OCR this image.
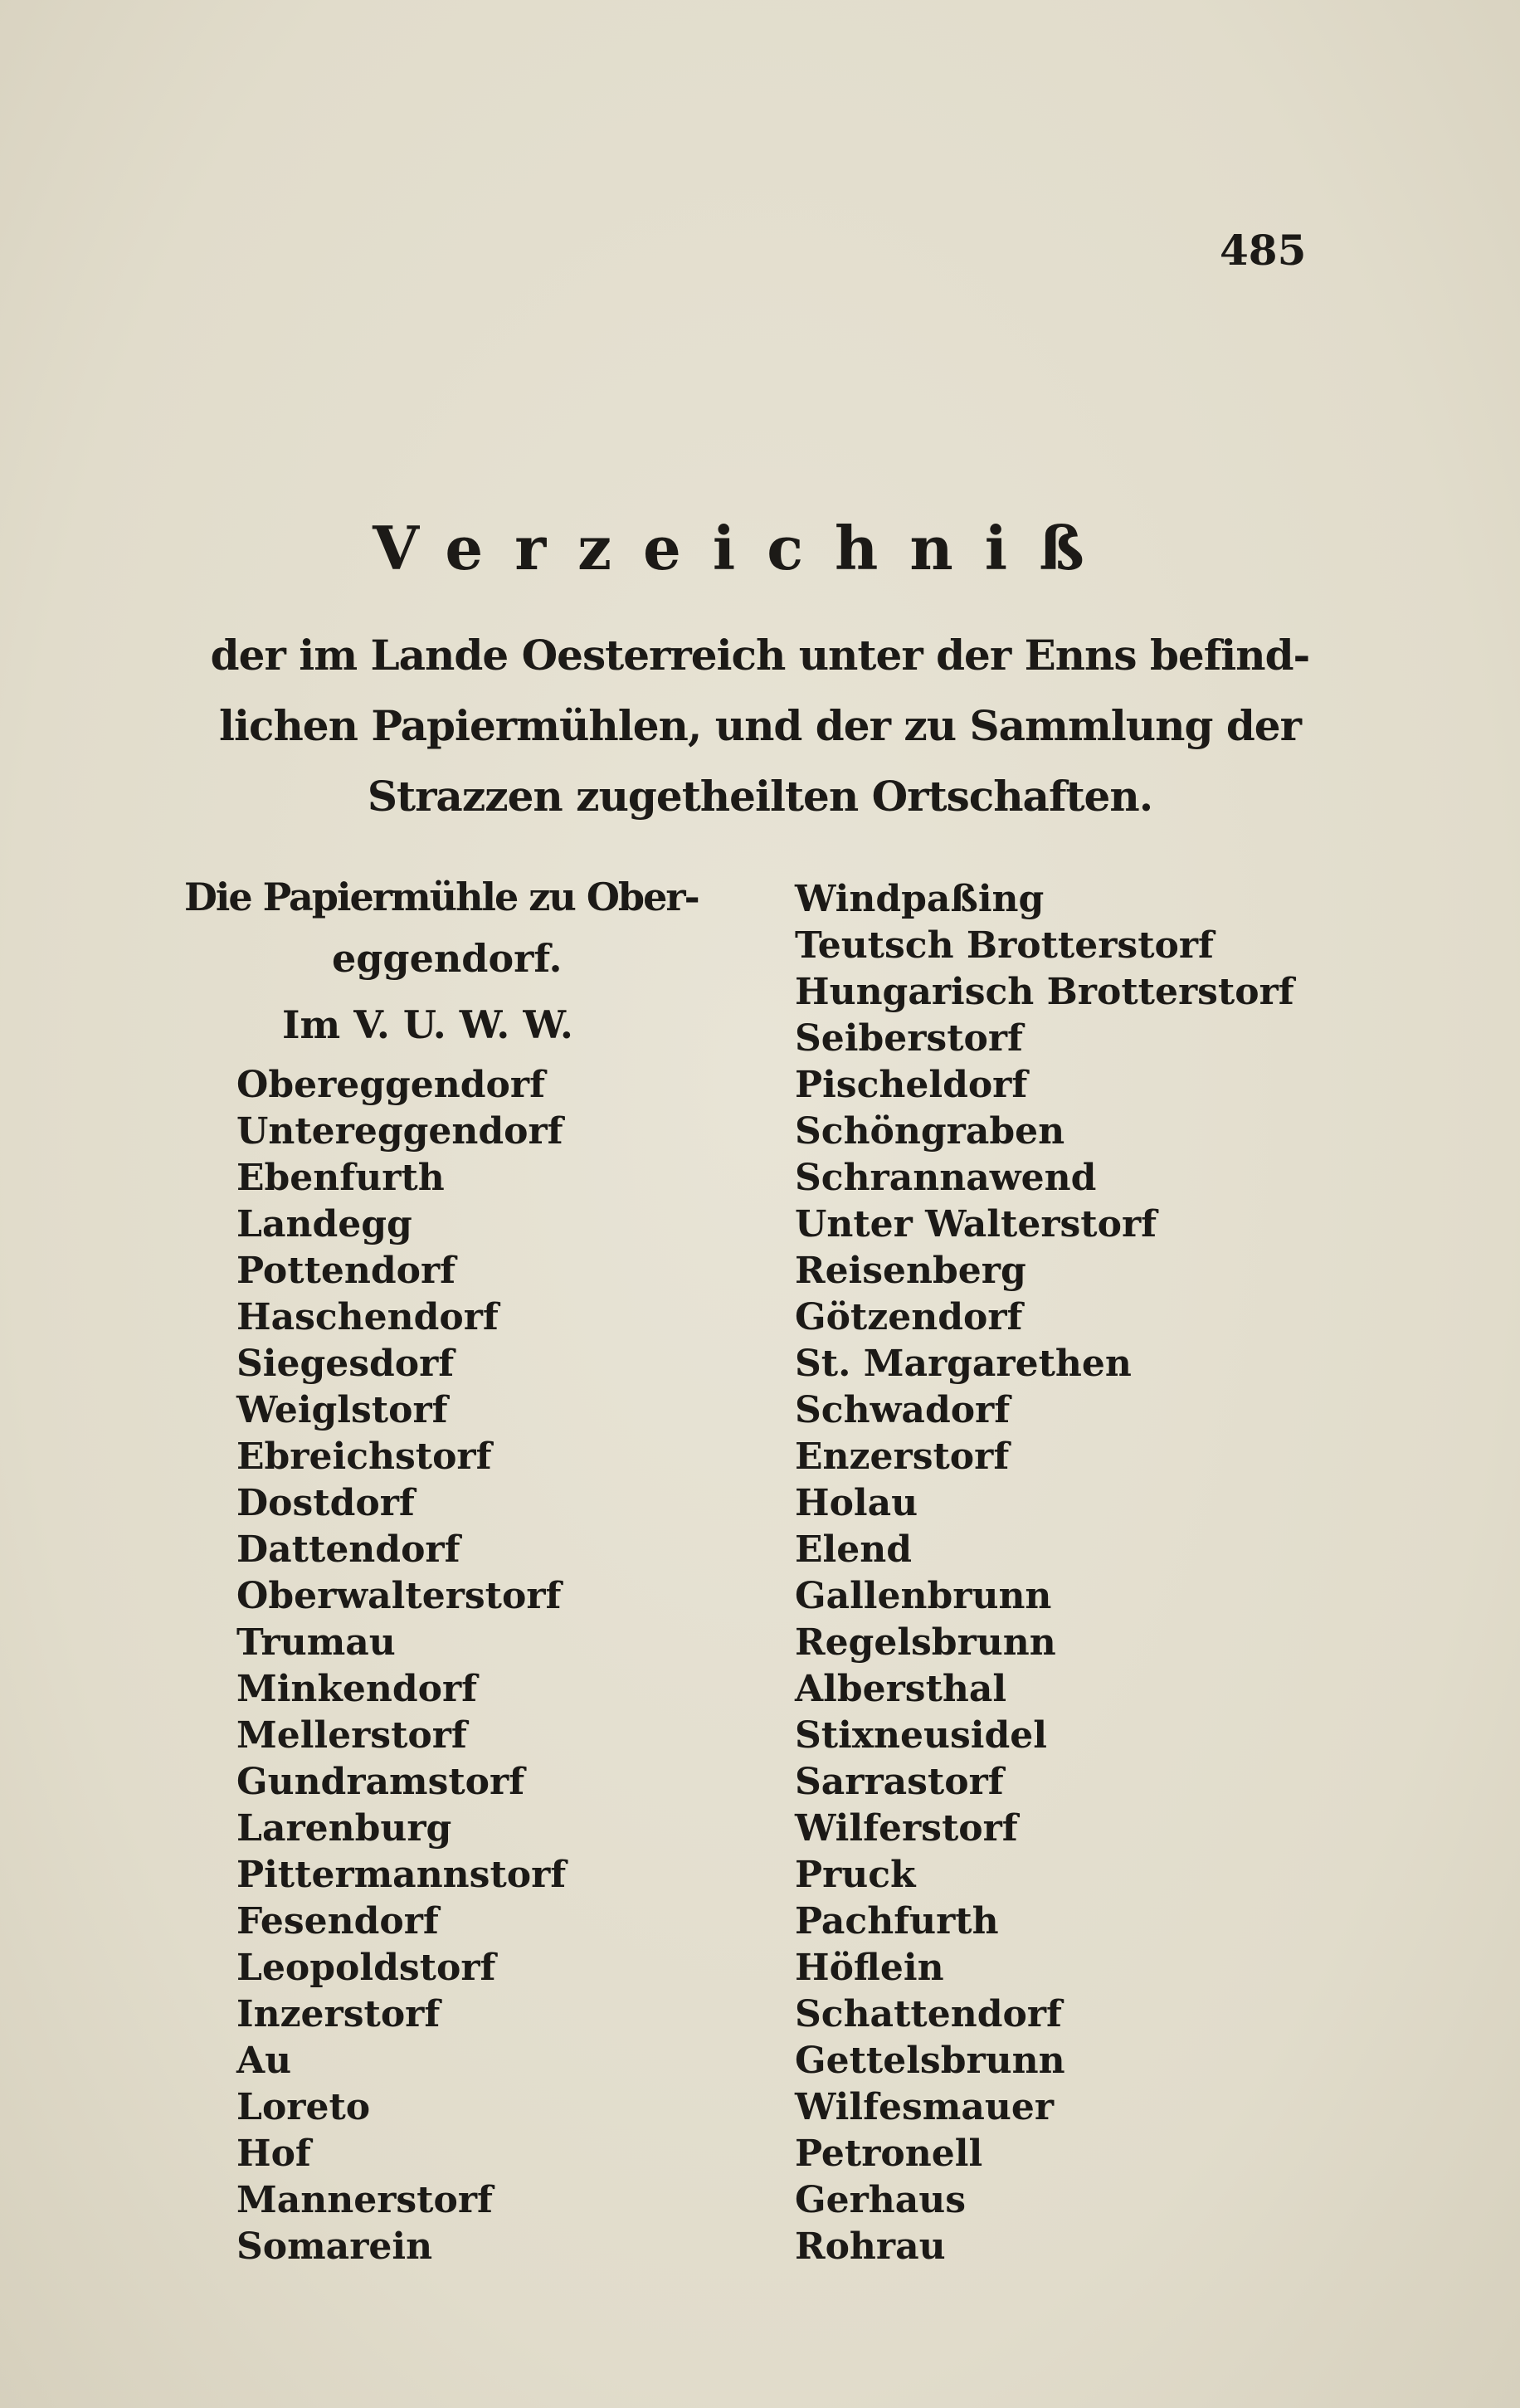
485
Verzeichniß
der im Lande Oesterreich unter der Enns befind-
lichen Papiermühlen, und der zu Sammlung der
Strazzen zugetheilten Ortschaften.
Die Papiermühle zu Ober-
eggendorf.
Im V. U. W. W.
Obereggendorf
Untereggendorf
Ebenfurth
Landegg
Pottendorf
Haschendorf
Siegesdorf
Weiglstorf
Ebreichstorf
Dostdorf
Dattendorf
Oberwalterstorf
Trumau
Minkendorf
Mellerstorf
Gundramstorf
Larenburg
Pittermannstorf
Fesendorf
Leopoldstorf
Inzerstorf
Au
Loreto
Hof
Mannerstorf
Somarein
Windpaßing
Teutsch Brotterstorf
Hungarisch Brotterstorf
Seiberstorf
Pischeldorf
Schöngraben
Schrannawend
Unter Walterstorf
Reisenberg
Götzendorf
St. Margarethen
Schwadorf
Enzerstorf
Holau
Elend
Gallenbrunn
Regelsbrunn
Albersthal
Stixneusidel
Sarrastorf
Wilferstorf
Pruck
Pachfurth
Höflein
Schattendorf
Gettelsbrunn
Wilfesmauer
Petronell
Gerhaus
Rohrau
